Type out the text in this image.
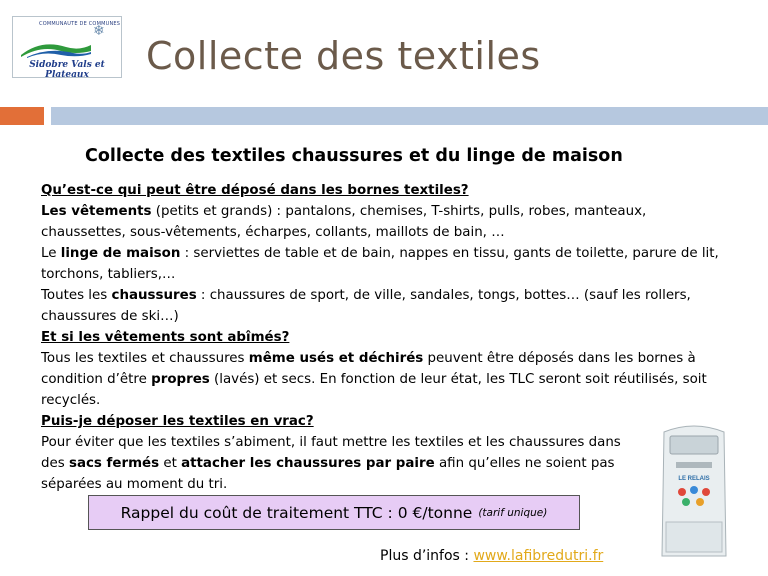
COMMUNAUTE DE COMMUNES
❄
Sidobre Vals et Plateaux	Collecte des textiles
Collecte des textiles chaussures et du linge de maison

Qu’est-ce qui peut être déposé dans les bornes textiles?

Les vêtements (petits et grands) : pantalons, chemises, T-shirts, pulls, robes, manteaux, chaussettes, sous-vêtements, écharpes, collants, maillots de bain, …

Le linge de maison : serviettes de table et de bain, nappes en tissu, gants de toilette, parure de lit, torchons, tabliers,…

Toutes les chaussures : chaussures de sport, de ville, sandales, tongs, bottes… (sauf les rollers, chaussures de ski…)

Et si les vêtements sont abîmés?

Tous les textiles et chaussures même usés et déchirés peuvent être déposés dans les bornes à condition d’être propres (lavés) et secs. En fonction de leur état, les TLC seront soit réutilisés, soit recyclés.

Puis-je déposer les textiles en vrac?

Pour éviter que les textiles s’abiment, il faut mettre les textiles et les chaussures dans des sacs fermés et attacher les chaussures par paire afin qu’elles ne soient pas séparées au moment du tri.

Rappel du coût de traitement TTC : 0 €/tonne (tarif unique)
Plus d’infos : www.lafibredutri.fr
LE RELAIS
